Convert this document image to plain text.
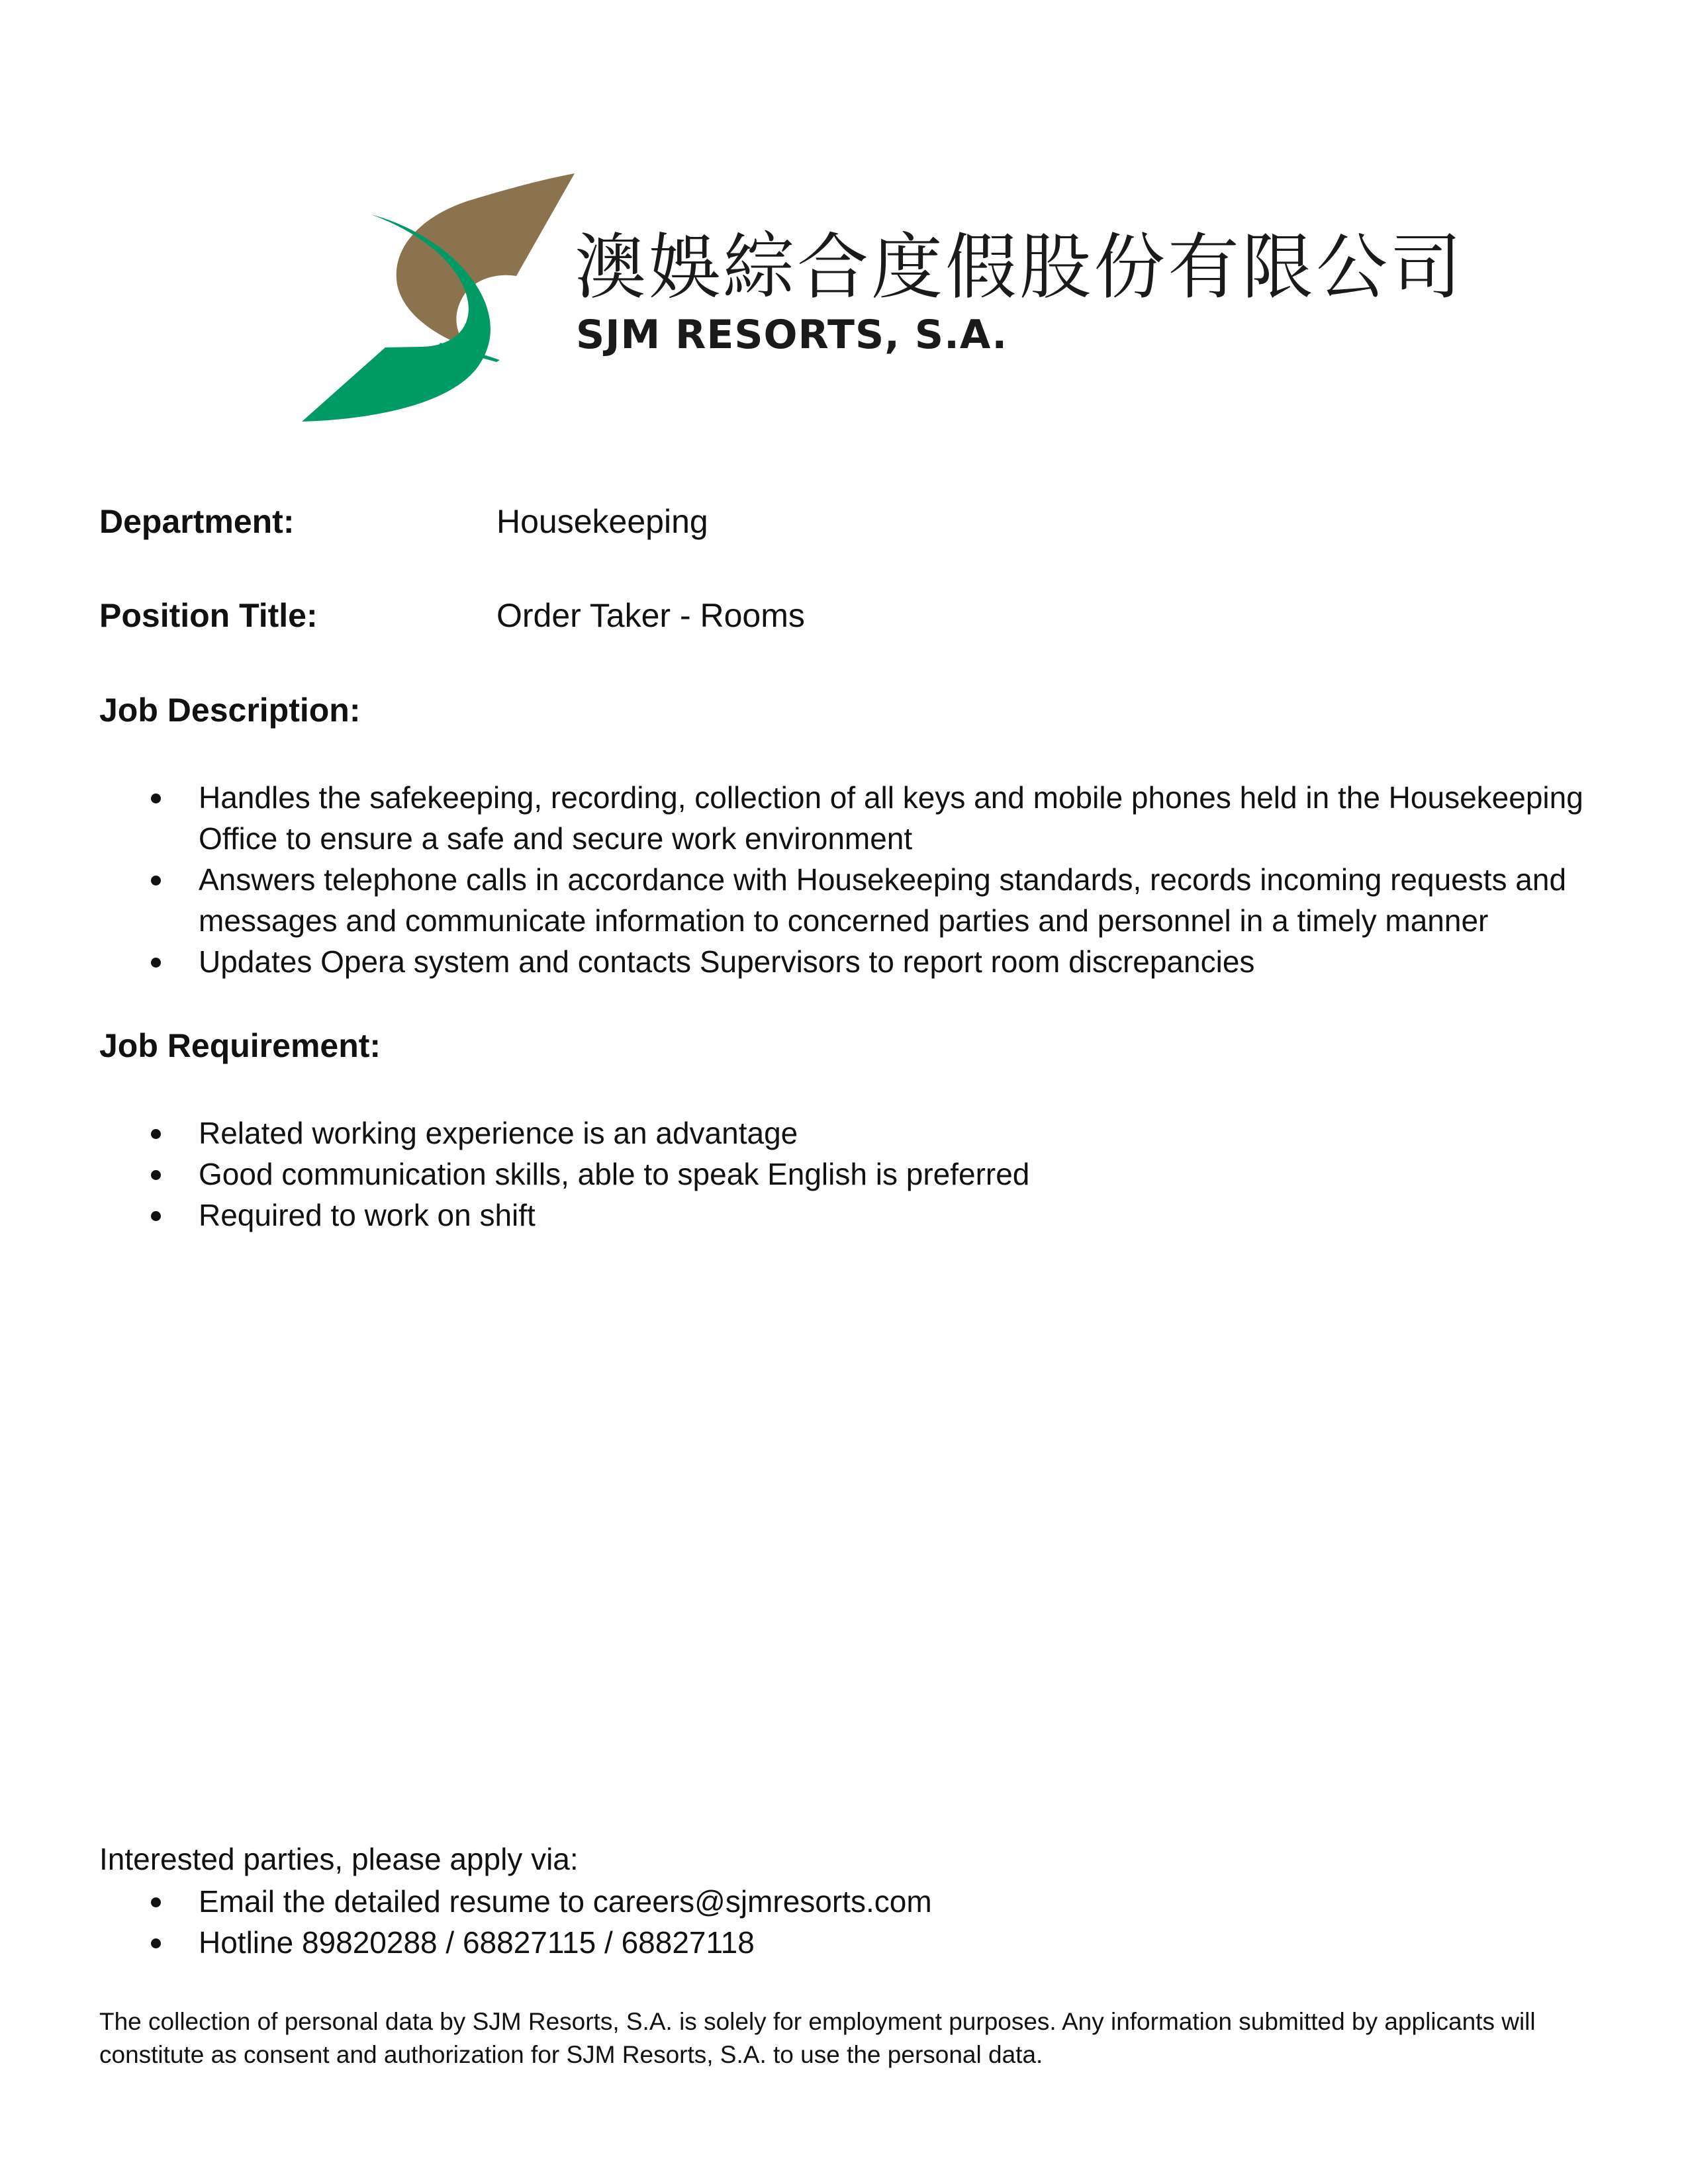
澳娛綜合度假股份有限公司
SJM RESORTS, S.A.
Department:	Housekeeping
Position Title:	Order Taker - Rooms
Job Description:
Handles the safekeeping, recording, collection of all keys and mobile phones held in the Housekeeping Office to ensure a safe and secure work environment
Answers telephone calls in accordance with Housekeeping standards, records incoming requests and messages and communicate information to concerned parties and personnel in a timely manner
Updates Opera system and contacts Supervisors to report room discrepancies
Job Requirement:
Related working experience is an advantage
Good communication skills, able to speak English is preferred
Required to work on shift
Interested parties, please apply via:
Email the detailed resume to careers@sjmresorts.com
Hotline 89820288 / 68827115 / 68827118
The collection of personal data by SJM Resorts, S.A. is solely for employment purposes. Any information submitted by applicants will constitute as consent and authorization for SJM Resorts, S.A. to use the personal data.
